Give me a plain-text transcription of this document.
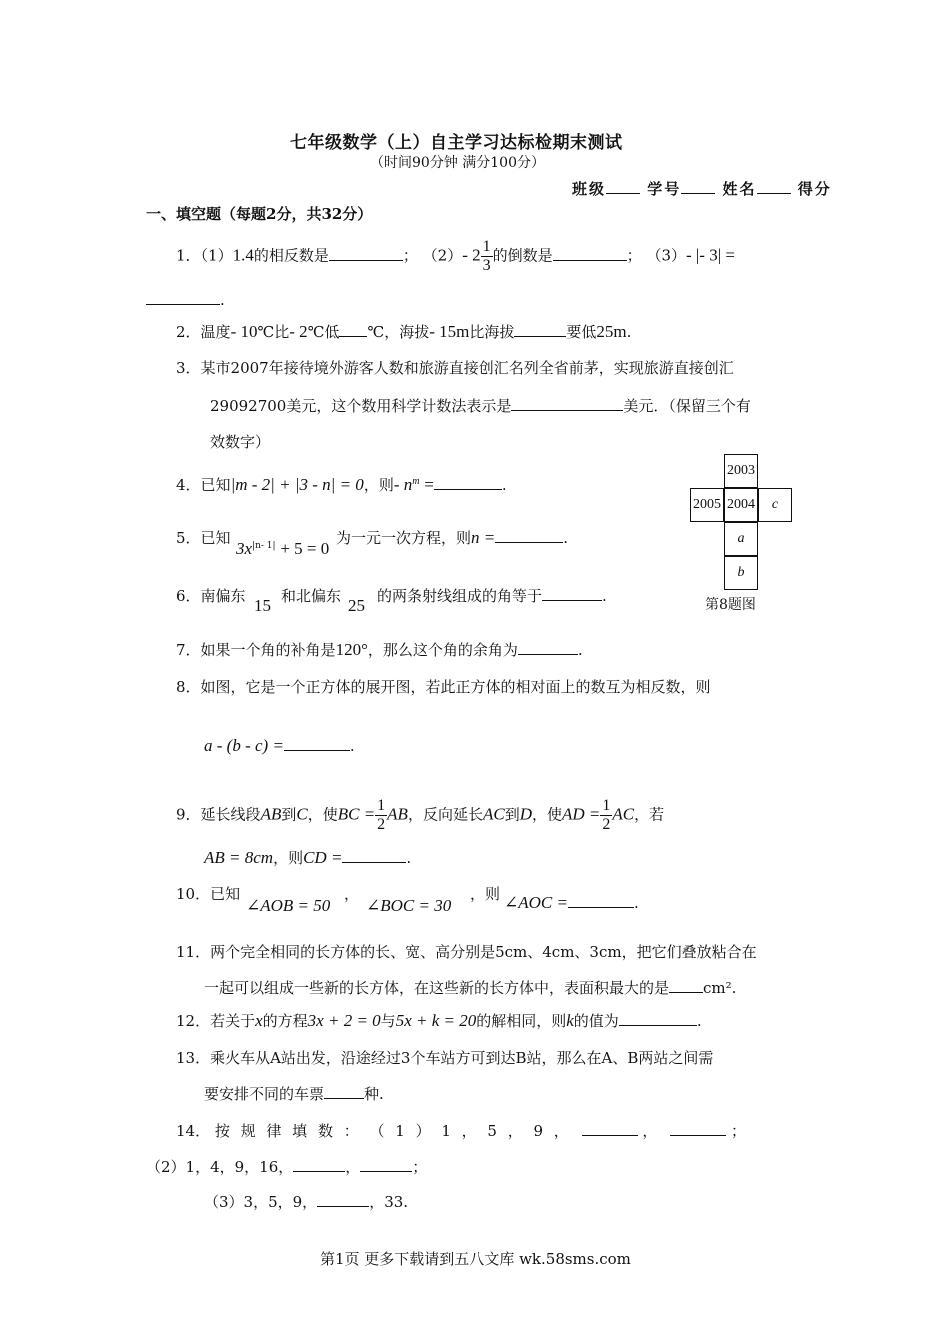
七年级数学（上）自主学习达标检期末测试
（时间90分钟 满分100分）
班级	学号	姓名	得分
一、填空题（每题2分，共32分）
1．（1）1.4的相反数是	； （2）- $2 \frac{1}{3}$ 的倒数是	； （3）- |- 3| =
.
2．温度- 10℃比- 2℃低 ℃，海拔- 15m比海拔	要低25m.
3．某市2007年接待境外游客人数和旅游直接创汇名列全省前茅，实现旅游直接创汇
29092700美元，这个数用科学计数法表示是	美元．（保留三个有
效数字）
4．已知|m - 2| + |3 - n| = 0，则- $n^m$ =	.
5．已知
$3x^{|n- 1|} + 5 = 0$
为一元一次方程，则n =	.
6．南偏东 15 和北偏东 25 的两条射线组成的角等于	.
7．如果一个角的补角是120°，那么这个角的余角为	.
8．如图，它是一个正方体的展开图，若此正方体的相对面上的数互为相反数，则
a - (b - c) =	.
9．延长线段AB到C，使BC = $\frac{1}{2}$ AB，反向延长AC到D，使AD = $\frac{1}{2}$ AC，若
AB = 8cm，则CD =	.
10．已知
∠AOB = 50
，
∠BOC = 30
，则 ∠AOC =	.
11．两个完全相同的长方体的长、宽、高分别是5cm、4cm、3cm，把它们叠放粘合在
一起可以组成一些新的长方体，在这些新的长方体中，表面积最大的是 cm².
12．若关于x的方程3x + 2 = 0与5x + k = 20的解相同，则k的值为	.
13．乘火车从A站出发，沿途经过3个车站方可到达B站，那么在A、B两站之间需
要安排不同的车票	种.
14． 按 规 律 填 数 ： （ 1 ） 1 ， 5 ， 9 ，	，	；
（2）1，4，9，16，	，	；
（3）3，5，9，	，33.
2003
2005 2004	c
a
b
第8题图
第1页 更多下载请到五八文库 wk.58sms.com
